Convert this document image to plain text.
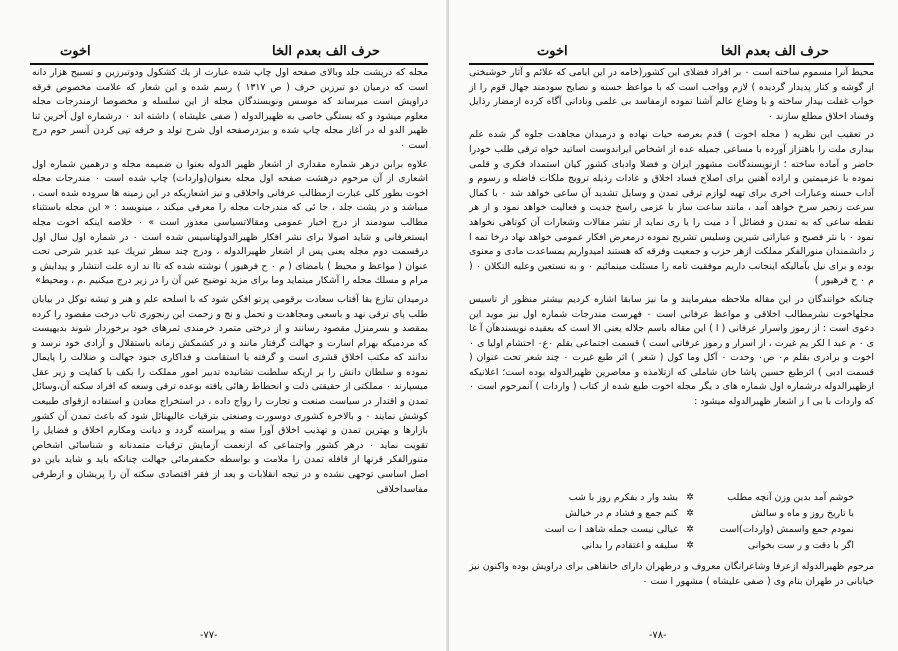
حرف الف بعدم الخا
اخوت

مجله که درپشت جلد وبالای صفحه اول چاپ شده عبارت از یك کشکول ودوتبرزین و تسبیح هزار دانه است که درمیان دو تبرزین حرف ( ص ۱۳۱۷ ) رسم شده و این شعار که علامت مخصوص فرقه دراویش است میرساند که موسس ونویسندگان مجله از این سلسله و مخصوصا ازمندرجات مجله معلوم میشود و که بستگی خاصی به ظهیرالدوله ( صفی علیشاه ) داشته اند ۰ درشماره اول آخرین ثنا ظهیر الدو له در آغاز مجله چاپ شده و بیزدرصفحه اول شرح تولد و خرقه تپی کردن آنسر حوم درج است ۰

علاوه برابن درهر شماره مقداری از اشعار ظهیر الدوله بعنوا ن ضمیمه مجله و درهمین شماره اول اشعاری از آن مرحوم درهشت صفحه اول مجله بعنوان(واردات) چاپ شده است ۰ مندرجات مجله اخوت بطور کلی عبارت ازمطالب عرفانی واخلاقی و نیز اشعاریکه در این زمینه ها سروده شده است ، میباشد و در پشت جلد ، جا ئی که مندرجات مجله را معرفی میکند ، مینویسد : « این مجله باستثناء مطالب سودمند از درج اخبار عمومی ومقالاتسیاسی معذور است » ۰ خلاصه اینکه اخوت مجله ایستعرفانی و شاید اصولا برای نشر افکار ظهیرالدولهتاسیس شده است ۰ در شماره اول سال اول درقسمت دوم مجله یعنی پس از اشعار ظهیرالدوله ، ودرج چند سطر تبریك عید غدیر شرحی تحت عنوان ( مواعظ و محیط ) بامضای ( م ۰ ح فرهیور ) نوشته شده که تاا ند ازه علت انتشار و پیدایش و مرام و مسلك مجله را آشکار مینماید وما برای مزید توضیح عین آن را در زیر درج میکنیم .م ، ومحیط»

درمیدان تنازع بقا آفتاب سعادت برقومی پرتو افکن شود که با اسلحه علم و هنر و تیشه توکل در بیابان طلب پای ترقی نهد و باسعی ومجاهدت و تحمل و نج و زحمت این رنجوری تاب درخت مقصود را کرده بمقصد و بسرمنزل مقصود رسانند و از درختی متمرد خرمندی ثمرهای خود برخوردار شوند بدیهیست که مردمیکه بهرام اسارت و جهالت گرفتار مانند و در کشمکش زمانه باستقلال و آزادی خود نرسد و ندانند که مکتب اخلاق قشری است و گرفته با استقامت و فداکاری جنود جهالت و ضلالت را پایمال نموده و سلطان دانش را بر اریکه سلطنت نشانیده تدبیر امور مملکت را بکف با کفایت و زیر عقل میسپارند ۰ مملکتی از حقیقتی ذلت و انحطاط رهائی یافته بوعده ترقی وسعه که افراد سکنه آن،وسائل تمدن و اقتدار در سیاست صنعت و تجارت را رواج داده ، در استخراج معادن و استفاده ازقوای طبیعت کوشش نمایند ۰ و بالاخره کشوری دوسورت وصنعتی بترقیات عالیهنائل شود که باعث تمدن آن کشور بازارها و بهترین تمدن و تهذیب اخلاق آورا سته و پیراسته گردد و دیانت ومکارم اخلاق و فضایل را تقویت نماید ۰ درهر کشور واجتماعی که ازنعمت آزمایش ترقیات متمدنانه و شناسائی اشخاص متنورالفکر قرنها از قافله تمدن را ملامت و بواسطه حکمفرمائی جهالت چنانکه باید و شاید باین دو اصل اساسی توجهی نشده و در تیجه انقلابات و بعد از فقر اقتصادی سکته آن را پریشان و ازطرفی مفاسداخلاقی

-۷۷-
حرف الف بعدم الخا
اخوت

محیط آنرا مسموم ساخته است ۰ بر افراد فضلای این کشور(خامه در این ایامی که علائم و آثار خوشبختی از گوشه و کنار پدیدار گردیده ) لازم وواجب است که با مواعظ حسنه و نصایح سودمند جهال قوم را از خواب غفلت بیدار ساخته و با وضاع عالم آشنا نموده ازمفاسد بی علمی ونادانی آگاه کرده ازمضار رذایل وفساد اخلاق مطلع سازند ۰

در تعقیب این نظریه ( مجله اخوت ) قدم بعرصه حیات نهاده و درمیدان مجاهدت جلوه گر شده علم بیداری ملت را باهتزاز آورده با مساعی جمیله عده از اشخاص ایراندوست اساتید خواه ترقی طلب خودرا حاضر و آماده ساخته ؛ ازنویسندگانت مشهور ایران و فضلا وادبای کشور کیان استمداد فکری و قلمی نموده با عزمیمتین و اراده آهنین برای اصلاح فساد اخلاق و عادات رذیله ترویج ملکات فاضله و رسوم و آداب حسنه وعبارات اخری برای تهیه لوازم ترقی تمدن و وسایل تشدید آن ساعی خواهد شد ۰ با کمال سرعت زنجیر سرخ خواهد آمد ، مانند ساعت ساز با عزمی راسخ جدیت و فعالیت خواهد نمود و از هر نقطه ساعی که به تمدن و فضائل آ د میت را یا ری نماید از نشر مقالات وشعارات آن کوتاهی نخواهد نمود ۰ با نثر فصیح و عباراتی شیرین وسلیس تشریح نموده درمعرض افکار عمومی خواهد نهاد درخا تمه ا ز دانشمندان منورالفکر مملکت ازهر حزب و جمعیت وفرقه که هستند امیدواریم بمساعدت مادی و معنوی بوده و برای نیل بآمالیکه اینجانب داریم موفقیت تامه را مسئلت مینمائیم ۰ و به نستعین وعلیه التکلان ۰ ( م ۰ ح فرهیور )

چنانکه خوانندگان در این مقاله ملاحظه میفرمایند و ما نیز سابقا اشاره کردیم بیشتر منظور از تاسیس مجلهاخوت نشرمطالب اخلاقی و مواعظ عرفانی است ۰ فهرست مندرجات شماره اول نیز موید این دعوی است : از رموز واسرار عرفانی ( ا ) این مقاله باسم جلاله یعنی الا است که بعقیده نویسندهآن آ غا ی ۰ م عبد ا لکر یم غیرت ، از اسرار و رموز عرفانی است ) قسمت اجتماعی بقلم ۰ع۰ احتشام اولیا ی ۰ اخوت و برادری بقلم م۰ ص۰ وحدت ۰ آکل وما کول ( شعر ) اثر طبع غیرت ۰ چند شعر تحت عنوان ( قسمت ادبی ) اثرطبع حسین پاشا خان شاملی که ازتلامذه و معاصرین ظهیرالدوله بوده است؛ اعلانیکه ازظهیرالدوله درشماره اول شماره های د یگر مجله اخوت طبع شده از کتاب ( واردات ) آنمرحوم است ۰ که واردات با بی ا ز اشعار ظهیرالدوله میشود :

خوشم آمد بدین وزن آنچه مطلب
✲
بشد وار د بفکرم روز با شب
با تاریخ روز و ماه و سالش
✲
کنم جمع و فشاد م در خیالش
نمودم جمع واسمش (واردات)است
✲
غیالی نیست جمله شاهد ا ت است
اگر با دقت و ر ست بخوانی
✲
سلیقه و اعتقادم را بدانی

مرحوم ظهیرالدوله ازعرفا وشاعرانگان معروف و درطهران دارای خانقاهی برای دراویش بوده واکنون نیز خیابانی در طهران بنام وی ( صفی علیشاه ) مشهور ا ست ۰

-۷۸-
